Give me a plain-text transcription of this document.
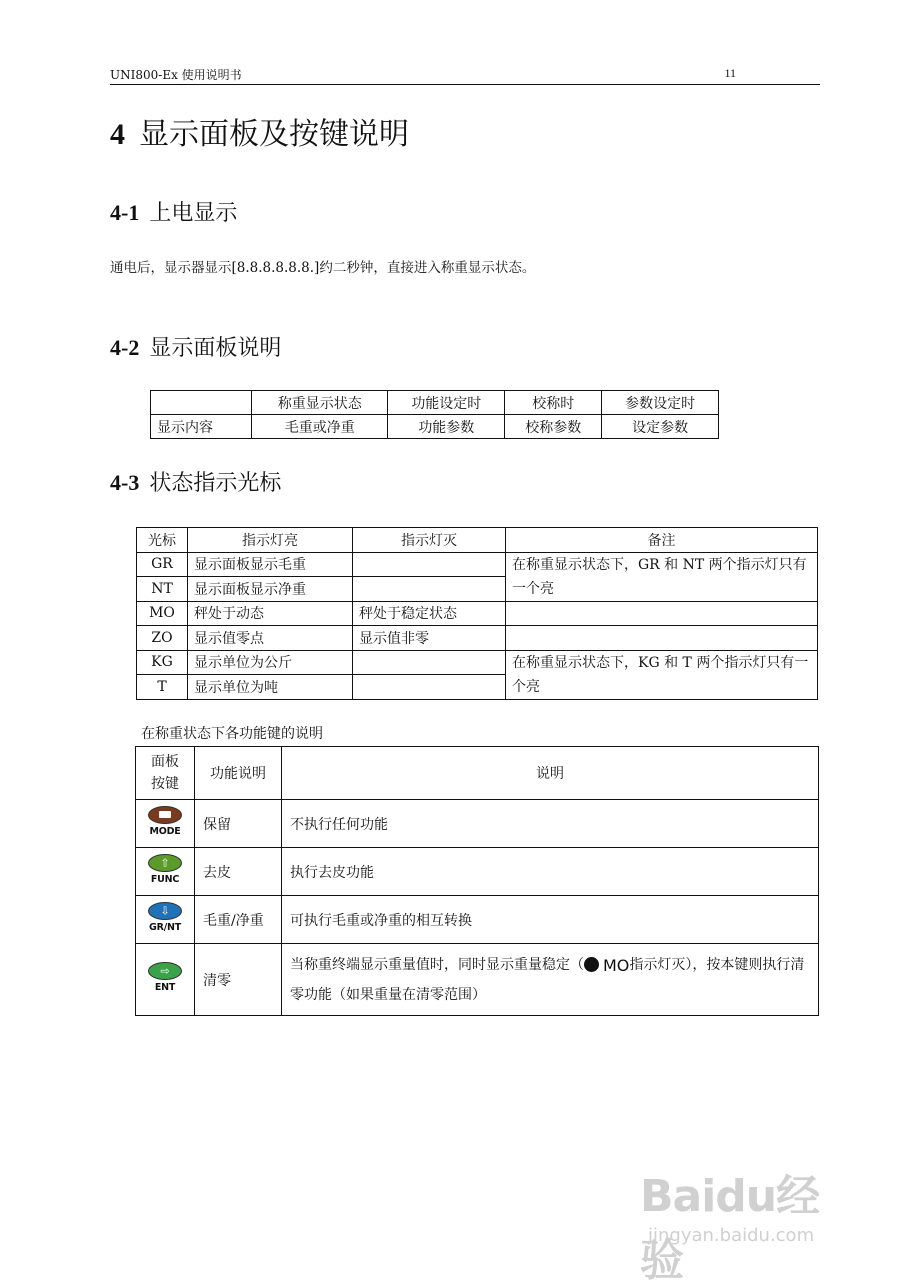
UNI800-Ex 使用说明书	11
4 显示面板及按键说明
4-1 上电显示
通电后，显示器显示[8.8.8.8.8.8.]约二秒钟，直接进入称重显示状态。
4-2 显示面板说明
	称重显示状态	功能设定时	校称时	参数设定时
显示内容	毛重或净重	功能参数	校称参数	设定参数
4-3 状态指示光标
光标	指示灯亮	指示灯灭	备注
GR	显示面板显示毛重		在称重显示状态下，GR 和 NT 两个指示灯只有一个亮
NT	显示面板显示净重		
MO	秤处于动态	秤处于稳定状态	
ZO	显示值零点	显示值非零	
KG	显示单位为公斤		在称重显示状态下，KG 和 T 两个指示灯只有一个亮
T	显示单位为吨		
在称重状态下各功能键的说明
面板
按键	功能说明	说明

MODE	保留	不执行任何功能

⇧
FUNC	去皮	执行去皮功能

⇩
GR/NT	毛重/净重	可执行毛重或净重的相互转换

⇨
ENT	清零	当称重终端显示重量值时，同时显示重量稳定（ MO指示灯灭），按本键则执行清零功能（如果重量在清零范围）
Baidu经验
jingyan.baidu.com
